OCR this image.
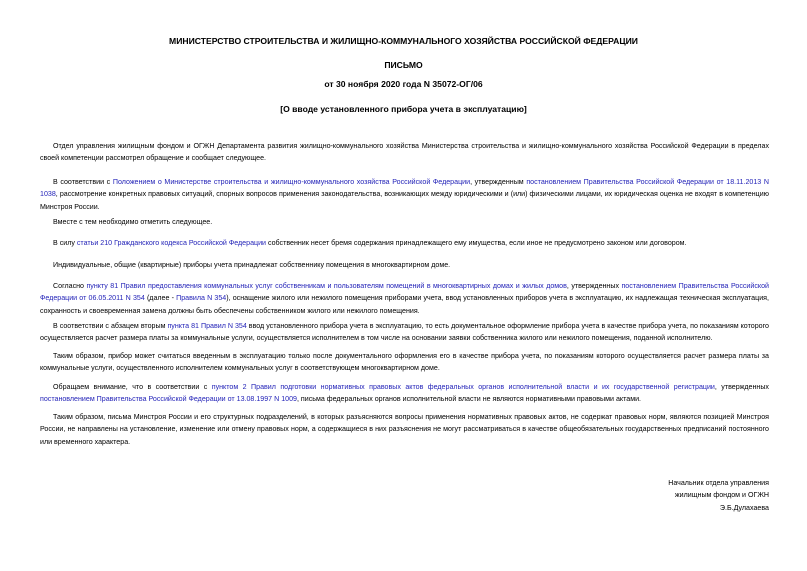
МИНИСТЕРСТВО СТРОИТЕЛЬСТВА И ЖИЛИЩНО-КОММУНАЛЬНОГО ХОЗЯЙСТВА РОССИЙСКОЙ ФЕДЕРАЦИИ
ПИСЬМО
от 30 ноября 2020 года N 35072-ОГ/06
[О вводе установленного прибора учета в эксплуатацию]
Отдел управления жилищным фондом и ОГЖН Департамента развития жилищно-коммунального хозяйства Министерства строительства и жилищно-коммунального хозяйства Российской Федерации в пределах своей компетенции рассмотрел обращение и сообщает следующее.
В соответствии с Положением о Министерстве строительства и жилищно-коммунального хозяйства Российской Федерации, утвержденным постановлением Правительства Российской Федерации от 18.11.2013 N 1038, рассмотрение конкретных правовых ситуаций, спорных вопросов применения законодательства, возникающих между юридическими и (или) физическими лицами, их юридическая оценка не входят в компетенцию Минстроя России.
Вместе с тем необходимо отметить следующее.
В силу статьи 210 Гражданского кодекса Российской Федерации собственник несет бремя содержания принадлежащего ему имущества, если иное не предусмотрено законом или договором.
Индивидуальные, общие (квартирные) приборы учета принадлежат собственнику помещения в многоквартирном доме.
Согласно пункту 81 Правил предоставления коммунальных услуг собственникам и пользователям помещений в многоквартирных домах и жилых домов, утвержденных постановлением Правительства Российской Федерации от 06.05.2011 N 354 (далее - Правила N 354), оснащение жилого или нежилого помещения приборами учета, ввод установленных приборов учета в эксплуатацию, их надлежащая техническая эксплуатация, сохранность и своевременная замена должны быть обеспечены собственником жилого или нежилого помещения.
В соответствии с абзацем вторым пункта 81 Правил N 354 ввод установленного прибора учета в эксплуатацию, то есть документальное оформление прибора учета в качестве прибора учета, по показаниям которого осуществляется расчет размера платы за коммунальные услуги, осуществляется исполнителем в том числе на основании заявки собственника жилого или нежилого помещения, поданной исполнителю.
Таким образом, прибор может считаться введенным в эксплуатацию только после документального оформления его в качестве прибора учета, по показаниям которого осуществляется расчет размера платы за коммунальные услуги, осуществленного исполнителем коммунальных услуг в соответствующем многоквартирном доме.
Обращаем внимание, что в соответствии с пунктом 2 Правил подготовки нормативных правовых актов федеральных органов исполнительной власти и их государственной регистрации, утвержденных постановлением Правительства Российской Федерации от 13.08.1997 N 1009, письма федеральных органов исполнительной власти не являются нормативными правовыми актами.
Таким образом, письма Минстроя России и его структурных подразделений, в которых разъясняются вопросы применения нормативных правовых актов, не содержат правовых норм, являются позицией Минстроя России, не направлены на установление, изменение или отмену правовых норм, а содержащиеся в них разъяснения не могут рассматриваться в качестве общеобязательных государственных предписаний постоянного или временного характера.
Начальник отдела управления
жилищным фондом и ОГЖН
Э.Б.Дулахаева
